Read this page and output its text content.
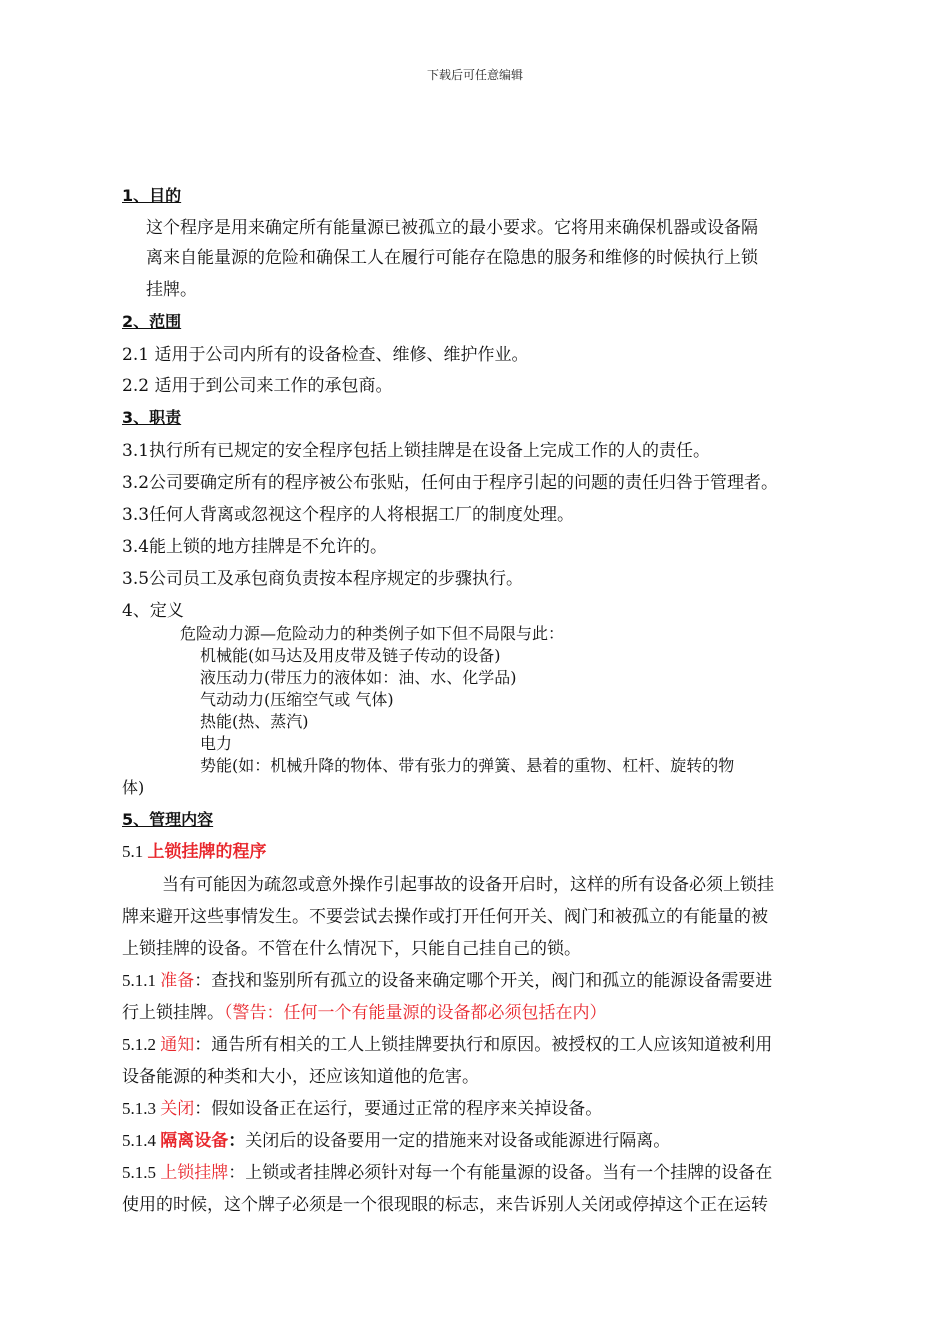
下载后可任意编辑
1、目的
这个程序是用来确定所有能量源已被孤立的最小要求。它将用来确保机器或设备隔
离来自能量源的危险和确保工人在履行可能存在隐患的服务和维修的时候执行上锁
挂牌。
2、范围
2.1 适用于公司内所有的设备检查、维修、维护作业。
2.2 适用于到公司来工作的承包商。
3、职责
3.1执行所有已规定的安全程序包括上锁挂牌是在设备上完成工作的人的责任。
3.2公司要确定所有的程序被公布张贴，任何由于程序引起的问题的责任归咎于管理者。
3.3任何人背离或忽视这个程序的人将根据工厂的制度处理。
3.4能上锁的地方挂牌是不允许的。
3.5公司员工及承包商负责按本程序规定的步骤执行。
4、定义
危险动力源—危险动力的种类例子如下但不局限与此：
机械能(如马达及用皮带及链子传动的设备)
液压动力(带压力的液体如：油、水、化学品)
气动动力(压缩空气或 气体)
热能(热、蒸汽)
电力
势能(如：机械升降的物体、带有张力的弹簧、悬着的重物、杠杆、旋转的物
体)
5、管理内容
5.1 上锁挂牌的程序
当有可能因为疏忽或意外操作引起事故的设备开启时，这样的所有设备必须上锁挂
牌来避开这些事情发生。不要尝试去操作或打开任何开关、阀门和被孤立的有能量的被
上锁挂牌的设备。不管在什么情况下，只能自己挂自己的锁。
5.1.1 准备：查找和鉴别所有孤立的设备来确定哪个开关，阀门和孤立的能源设备需要进
行上锁挂牌。（警告：任何一个有能量源的设备都必须包括在内）
5.1.2 通知：通告所有相关的工人上锁挂牌要执行和原因。被授权的工人应该知道被利用
设备能源的种类和大小，还应该知道他的危害。
5.1.3 关闭：假如设备正在运行，要通过正常的程序来关掉设备。
5.1.4 隔离设备：关闭后的设备要用一定的措施来对设备或能源进行隔离。
5.1.5 上锁挂牌：上锁或者挂牌必须针对每一个有能量源的设备。当有一个挂牌的设备在
使用的时候，这个牌子必须是一个很现眼的标志，来告诉别人关闭或停掉这个正在运转
